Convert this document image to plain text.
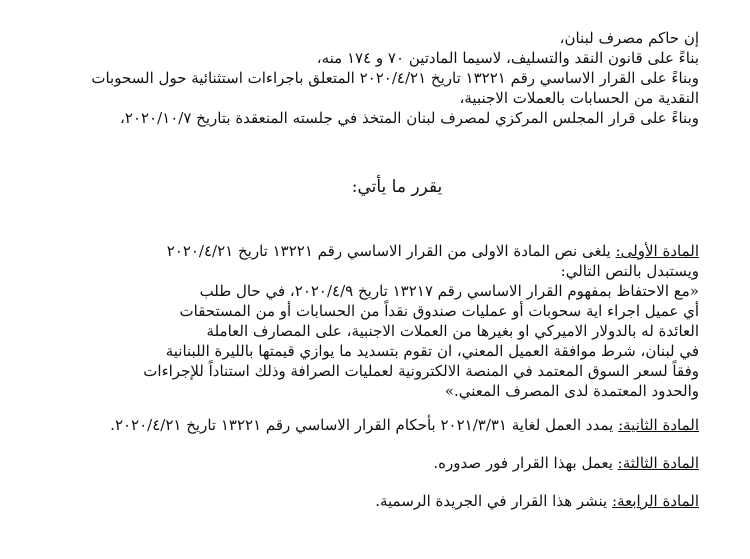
إن حاكم مصرف لبنان،
بناءً على قانون النقد والتسليف، لاسيما المادتين ٧٠ و ١٧٤ منه،
وبناءً على القرار الاساسي رقم ١٣٢٢١ تاريخ ٢٠٢٠/٤/٢١ المتعلق باجراءات استثنائية حول السحوبات
النقدية من الحسابات بالعملات الاجنبية،
وبناءً على قرار المجلس المركزي لمصرف لبنان المتخذ في جلسته المنعقدة بتاريخ ٢٠٢٠/١٠/٧،
يقرر ما يأتي:
المادة الأولى: يلغى نص المادة الاولى من القرار الاساسي رقم ١٣٢٢١ تاريخ ٢٠٢٠/٤/٢١
ويستبدل بالنص التالي:
«مع الاحتفاظ بمفهوم القرار الاساسي رقم ١٣٢١٧ تاريخ ٢٠٢٠/٤/٩، في حال طلب
أي عميل اجراء اية سحوبات أو عمليات صندوق نقداً من الحسابات أو من المستحقات
العائدة له بالدولار الاميركي او بغيرها من العملات الاجنبية، على المصارف العاملة
في لبنان، شرط موافقة العميل المعني، ان تقوم بتسديد ما يوازي قيمتها بالليرة اللبنانية
وفقاً لسعر السوق المعتمد في المنصة الالكترونية لعمليات الصرافة وذلك استناداً للإجراءات
والحدود المعتمدة لدى المصرف المعني.»
المادة الثانية: يمدد العمل لغاية ٢٠٢١/٣/٣١ بأحكام القرار الاساسي رقم ١٣٢٢١ تاريخ ٢٠٢٠/٤/٢١.
المادة الثالثة: يعمل بهذا القرار فور صدوره.
المادة الرابعة: ينشر هذا القرار في الجريدة الرسمية.
